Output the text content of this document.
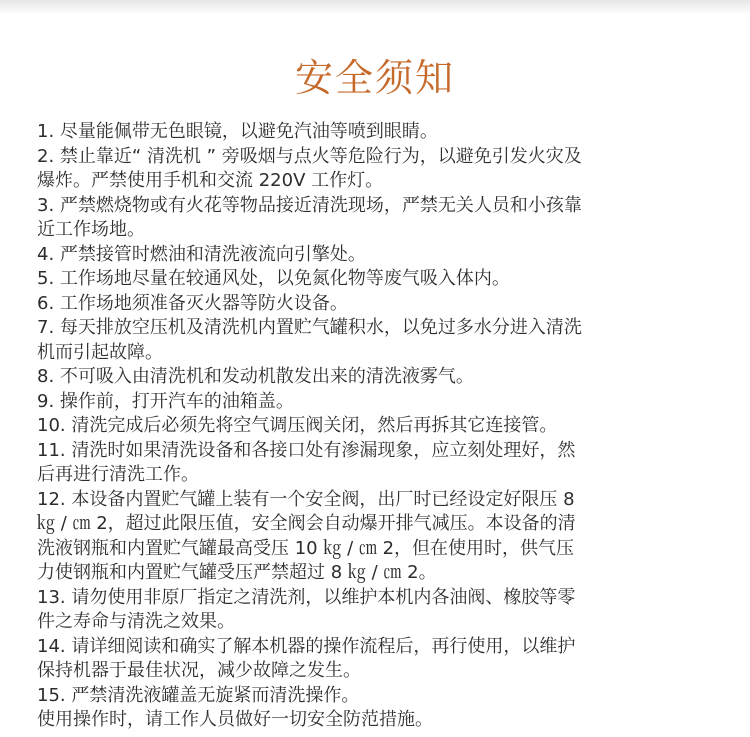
安全须知
1. 尽量能佩带无色眼镜，以避免汽油等喷到眼睛。
2. 禁止靠近“ 清洗机 ” 旁吸烟与点火等危险行为，以避免引发火灾及
爆炸。严禁使用手机和交流 220V 工作灯。
3. 严禁燃烧物或有火花等物品接近清洗现场，严禁无关人员和小孩靠
近工作场地。
4. 严禁接管时燃油和清洗液流向引擎处。
5. 工作场地尽量在较通风处，以免氮化物等废气吸入体内。
6. 工作场地须准备灭火器等防火设备。
7. 每天排放空压机及清洗机内置贮气罐积水，以免过多水分进入清洗
机而引起故障。
8. 不可吸入由清洗机和发动机散发出来的清洗液雾气。
9. 操作前，打开汽车的油箱盖。
10. 清洗完成后必须先将空气调压阀关闭，然后再拆其它连接管。
11. 清洗时如果清洗设备和各接口处有渗漏现象，应立刻处理好，然
后再进行清洗工作。
12. 本设备内置贮气罐上装有一个安全阀，出厂时已经设定好限压 8
㎏ / ㎝ 2，超过此限压值，安全阀会自动爆开排气减压。本设备的清
洗液钢瓶和内置贮气罐最高受压 10 ㎏ / ㎝ 2，但在使用时，供气压
力使钢瓶和内置贮气罐受压严禁超过 8 ㎏ / ㎝ 2。
13. 请勿使用非原厂指定之清洗剂，以维护本机内各油阀、橡胶等零
件之寿命与清洗之效果。
14. 请详细阅读和确实了解本机器的操作流程后，再行使用，以维护
保持机器于最佳状况，减少故障之发生。
15. 严禁清洗液罐盖无旋紧而清洗操作。
使用操作时，请工作人员做好一切安全防范措施。
